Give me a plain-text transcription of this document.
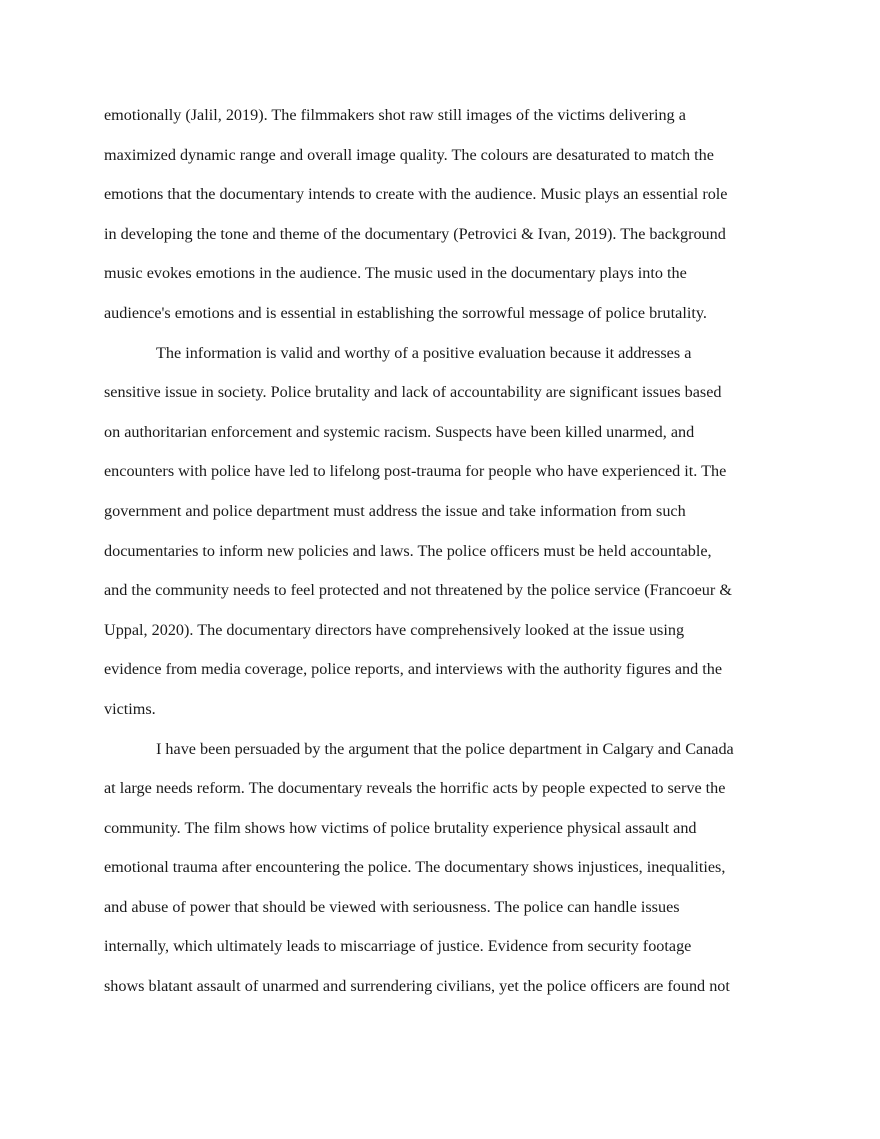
emotionally (Jalil, 2019). The filmmakers shot raw still images of the victims delivering a
maximized dynamic range and overall image quality. The colours are desaturated to match the
emotions that the documentary intends to create with the audience. Music plays an essential role
in developing the tone and theme of the documentary (Petrovici & Ivan, 2019). The background
music evokes emotions in the audience. The music used in the documentary plays into the
audience's emotions and is essential in establishing the sorrowful message of police brutality.
The information is valid and worthy of a positive evaluation because it addresses a
sensitive issue in society. Police brutality and lack of accountability are significant issues based
on authoritarian enforcement and systemic racism. Suspects have been killed unarmed, and
encounters with police have led to lifelong post-trauma for people who have experienced it. The
government and police department must address the issue and take information from such
documentaries to inform new policies and laws. The police officers must be held accountable,
and the community needs to feel protected and not threatened by the police service (Francoeur &
Uppal, 2020). The documentary directors have comprehensively looked at the issue using
evidence from media coverage, police reports, and interviews with the authority figures and the
victims.
I have been persuaded by the argument that the police department in Calgary and Canada
at large needs reform. The documentary reveals the horrific acts by people expected to serve the
community. The film shows how victims of police brutality experience physical assault and
emotional trauma after encountering the police. The documentary shows injustices, inequalities,
and abuse of power that should be viewed with seriousness. The police can handle issues
internally, which ultimately leads to miscarriage of justice. Evidence from security footage
shows blatant assault of unarmed and surrendering civilians, yet the police officers are found not
